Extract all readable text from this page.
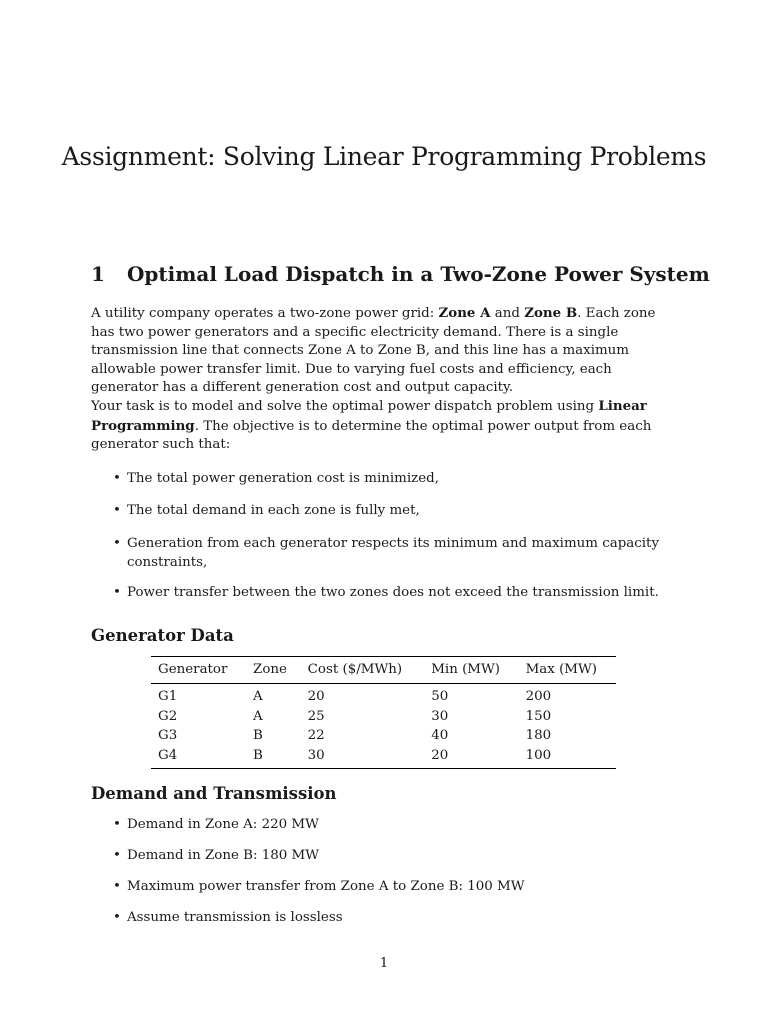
Assignment: Solving Linear Programming Problems
1 Optimal Load Dispatch in a Two-Zone Power System

A utility company operates a two-zone power grid: Zone A and Zone B. Each zone has two power generators and a specific electricity demand. There is a single transmission line that connects Zone A to Zone B, and this line has a maximum allowable power transfer limit. Due to varying fuel costs and efficiency, each generator has a different generation cost and output capacity.

Your task is to model and solve the optimal power dispatch problem using Linear Programming. The objective is to determine the optimal power output from each generator such that:

• The total power generation cost is minimized,
• The total demand in each zone is fully met,
• Generation from each generator respects its minimum and maximum capacity constraints,
• Power transfer between the two zones does not exceed the transmission limit.
Generator Data
Generator	Zone	Cost ($/MWh)	Min (MW)	Max (MW)
G1	A	20	50	200
G2	A	25	30	150
G3	B	22	40	180
G4	B	30	20	100
Demand and Transmission
• Demand in Zone A: 220 MW
• Demand in Zone B: 180 MW
• Maximum power transfer from Zone A to Zone B: 100 MW
• Assume transmission is lossless
1
